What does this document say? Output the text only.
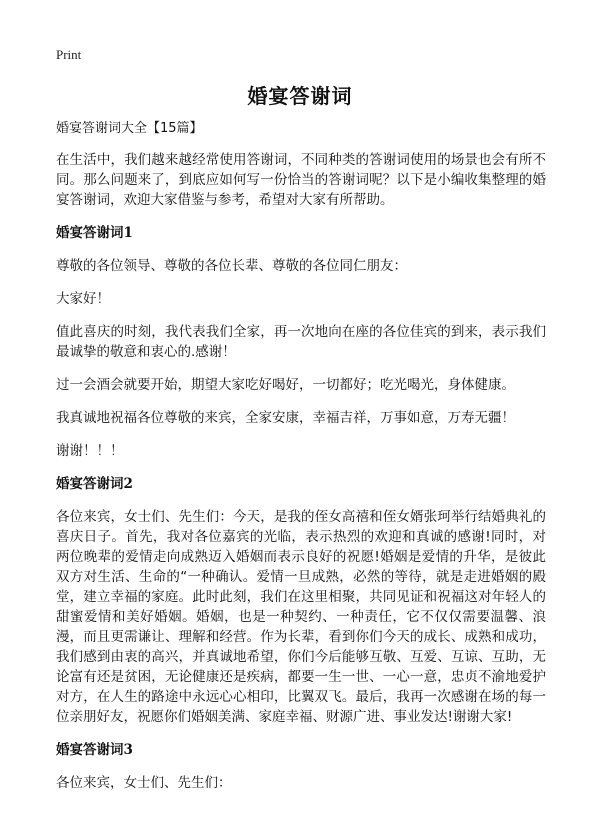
Print
婚宴答谢词
婚宴答谢词大全【15篇】

在生活中，我们越来越经常使用答谢词，不同种类的答谢词使用的场景也会有所不同。那么问题来了，到底应如何写一份恰当的答谢词呢？以下是小编收集整理的婚宴答谢词，欢迎大家借鉴与参考，希望对大家有所帮助。

婚宴答谢词1

尊敬的各位领导、尊敬的各位长辈、尊敬的各位同仁朋友：

大家好！

值此喜庆的时刻，我代表我们全家，再一次地向在座的各位佳宾的到来，表示我们最诚挚的敬意和衷心的.感谢！

过一会酒会就要开始，期望大家吃好喝好，一切都好；吃光喝光，身体健康。

我真诚地祝福各位尊敬的来宾，全家安康，幸福吉祥，万事如意，万寿无疆！

谢谢！！！

婚宴答谢词2

各位来宾，女士们、先生们：今天，是我的侄女高禧和侄女婿张珂举行结婚典礼的喜庆日子。首先，我对各位嘉宾的光临，表示热烈的欢迎和真诚的感谢!同时，对两位晚辈的爱情走向成熟迈入婚姻而表示良好的祝愿!婚姻是爱情的升华，是彼此双方对生活、生命的“一种确认。爱情一旦成熟，必然的等待，就是走进婚姻的殿堂，建立幸福的家庭。此时此刻，我们在这里相聚，共同见证和祝福这对年轻人的甜蜜爱情和美好婚姻。婚姻，也是一种契约、一种责任，它不仅仅需要温馨、浪漫，而且更需谦让、理解和经营。作为长辈，看到你们今天的成长、成熟和成功，我们感到由衷的高兴，并真诚地希望，你们今后能够互敬、互爱、互谅、互助，无论富有还是贫困，无论健康还是疾病，都要一生一世、一心一意，忠贞不渝地爱护对方，在人生的路途中永远心心相印，比翼双飞。最后，我再一次感谢在场的每一位亲朋好友，祝愿你们婚姻美满、家庭幸福、财源广进、事业发达!谢谢大家!

婚宴答谢词3

各位来宾，女士们、先生们：
